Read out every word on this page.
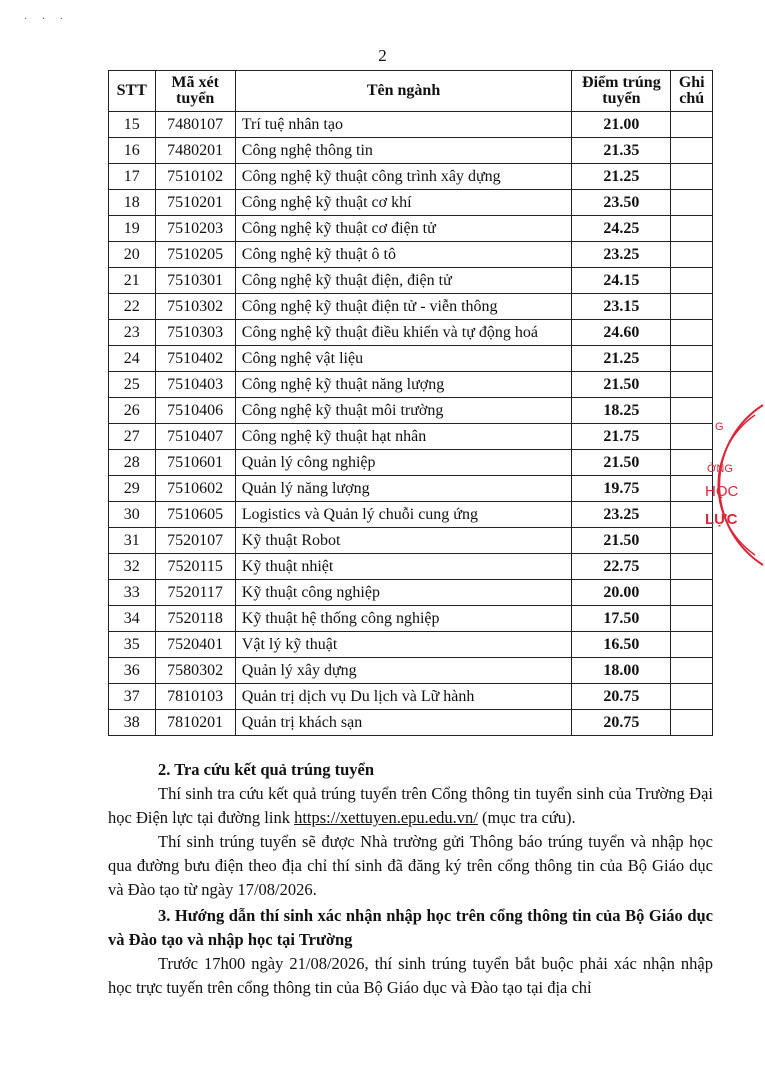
· · ·
2
STT	Mã xét tuyển	Tên ngành	Điểm trúng tuyển	Ghi chú
15	7480107	Trí tuệ nhân tạo	21.00	
16	7480201	Công nghệ thông tin	21.35	
17	7510102	Công nghệ kỹ thuật công trình xây dựng	21.25	
18	7510201	Công nghệ kỹ thuật cơ khí	23.50	
19	7510203	Công nghệ kỹ thuật cơ điện tử	24.25	
20	7510205	Công nghệ kỹ thuật ô tô	23.25	
21	7510301	Công nghệ kỹ thuật điện, điện tử	24.15	
22	7510302	Công nghệ kỹ thuật điện tử - viễn thông	23.15	
23	7510303	Công nghệ kỹ thuật điều khiển và tự động hoá	24.60	
24	7510402	Công nghệ vật liệu	21.25	
25	7510403	Công nghệ kỹ thuật năng lượng	21.50	
26	7510406	Công nghệ kỹ thuật môi trường	18.25	
27	7510407	Công nghệ kỹ thuật hạt nhân	21.75	
28	7510601	Quản lý công nghiệp	21.50	
29	7510602	Quản lý năng lượng	19.75	
30	7510605	Logistics và Quản lý chuỗi cung ứng	23.25	
31	7520107	Kỹ thuật Robot	21.50	
32	7520115	Kỹ thuật nhiệt	22.75	
33	7520117	Kỹ thuật công nghiệp	20.00	
34	7520118	Kỹ thuật hệ thống công nghiệp	17.50	
35	7520401	Vật lý kỹ thuật	16.50	
36	7580302	Quản lý xây dựng	18.00	
37	7810103	Quản trị dịch vụ Du lịch và Lữ hành	20.75	
38	7810201	Quản trị khách sạn	20.75	

2. Tra cứu kết quả trúng tuyển

Thí sinh tra cứu kết quả trúng tuyển trên Cổng thông tin tuyển sinh của Trường Đại học Điện lực tại đường link https://xettuyen.epu.edu.vn/ (mục tra cứu).

Thí sinh trúng tuyển sẽ được Nhà trường gửi Thông báo trúng tuyển và nhập học qua đường bưu điện theo địa chỉ thí sinh đã đăng ký trên cổng thông tin của Bộ Giáo dục và Đào tạo từ ngày 17/08/2026.

3. Hướng dẫn thí sinh xác nhận nhập học trên cổng thông tin của Bộ Giáo dục và Đào tạo và nhập học tại Trường

Trước 17h00 ngày 21/08/2026, thí sinh trúng tuyển bắt buộc phải xác nhận nhập học trực tuyến trên cổng thông tin của Bộ Giáo dục và Đào tạo tại địa chỉ

G
ỜNG
HỌC
LỰC
